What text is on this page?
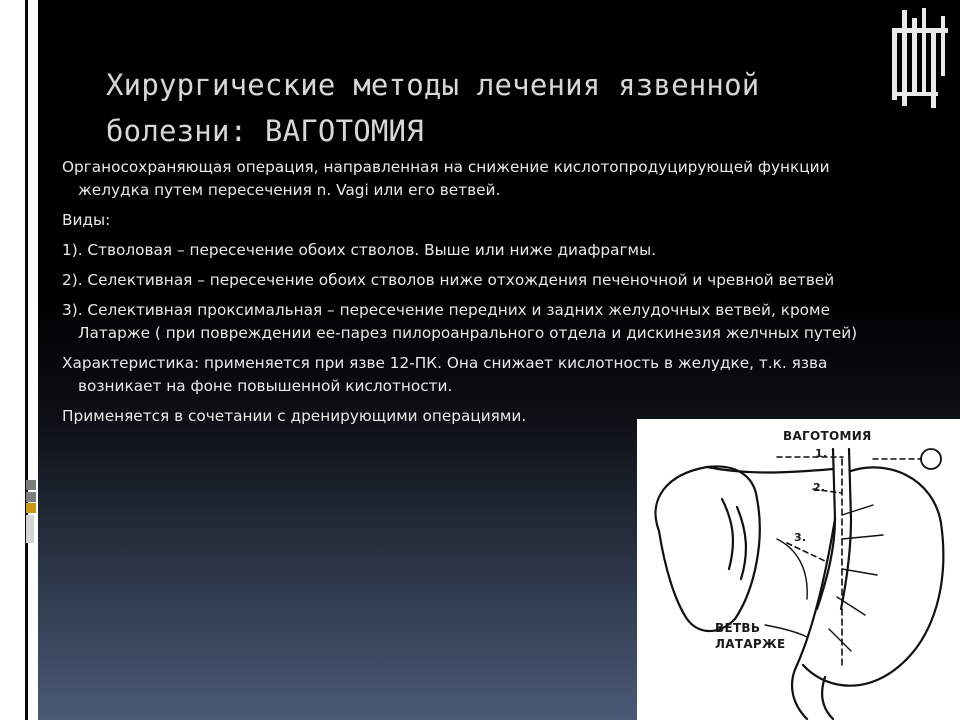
Хирургические методы лечения язвенной болезни: ВАГОТОМИЯ

Органосохраняющая операция, направленная на снижение кислотопродуцирующей функции
желудка путем пересечения n. Vagi или его ветвей.

Виды:

1). Стволовая – пересечение обоих стволов. Выше или ниже диафрагмы.

2). Селективная – пересечение обоих стволов ниже отхождения печеночной и чревной ветвей

3). Селективная проксимальная – пересечение передних и задних желудочных ветвей, кроме
Латарже ( при повреждении ее-парез пилороанрального отдела и дискинезия желчных путей)

Характеристика: применяется при язве 12-ПК. Она снижает кислотность в желудке, т.к. язва
возникает на фоне повышенной кислотности.

Применяется в сочетании с дренирующими операциями.

ВАГОТОМИЯ
1.
2.
3.
ВЕТВЬ
ЛАТАРЖЕ
